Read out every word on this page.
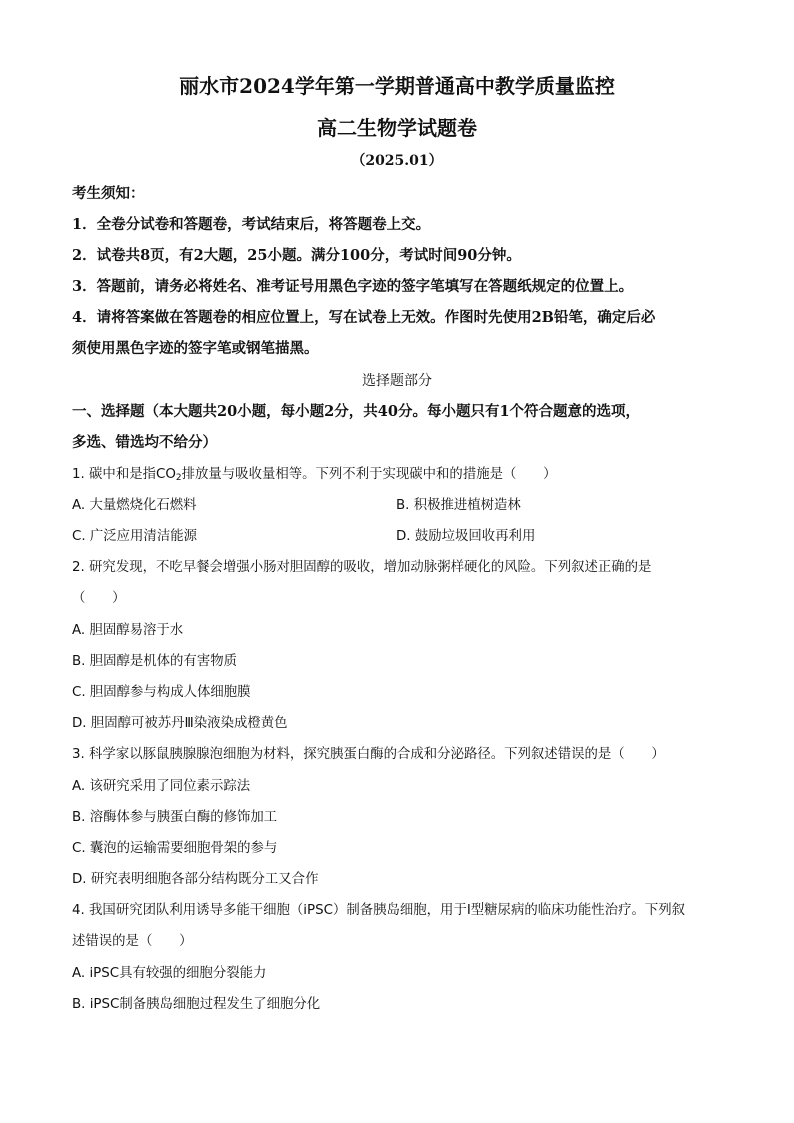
丽水市2024学年第一学期普通高中教学质量监控
高二生物学试题卷
（2025.01）
考生须知：
1．全卷分试卷和答题卷，考试结束后，将答题卷上交。
2．试卷共8页，有2大题，25小题。满分100分，考试时间90分钟。
3．答题前，请务必将姓名、准考证号用黑色字迹的签字笔填写在答题纸规定的位置上。
4．请将答案做在答题卷的相应位置上，写在试卷上无效。作图时先使用2B铅笔，确定后必
须使用黑色字迹的签字笔或钢笔描黑。
选择题部分
一、选择题（本大题共20小题，每小题2分，共40分。每小题只有1个符合题意的选项，
多选、错选均不给分）
1. 碳中和是指$CO_2$排放量与吸收量相等。下列不利于实现碳中和的措施是（　　）
A. 大量燃烧化石燃料	B. 积极推进植树造林
C. 广泛应用清洁能源	D. 鼓励垃圾回收再利用
2. 研究发现，不吃早餐会增强小肠对胆固醇的吸收，增加动脉粥样硬化的风险。下列叙述正确的是
（　　）
A. 胆固醇易溶于水
B. 胆固醇是机体的有害物质
C. 胆固醇参与构成人体细胞膜
D. 胆固醇可被苏丹Ⅲ染液染成橙黄色
3. 科学家以豚鼠胰腺腺泡细胞为材料，探究胰蛋白酶的合成和分泌路径。下列叙述错误的是（　　）
A. 该研究采用了同位素示踪法
B. 溶酶体参与胰蛋白酶的修饰加工
C. 囊泡的运输需要细胞骨架的参与
D. 研究表明细胞各部分结构既分工又合作
4. 我国研究团队利用诱导多能干细胞（iPSC）制备胰岛细胞，用于Ⅰ型糖尿病的临床功能性治疗。下列叙
述错误的是（　　）
A. iPSC具有较强的细胞分裂能力
B. iPSC制备胰岛细胞过程发生了细胞分化
